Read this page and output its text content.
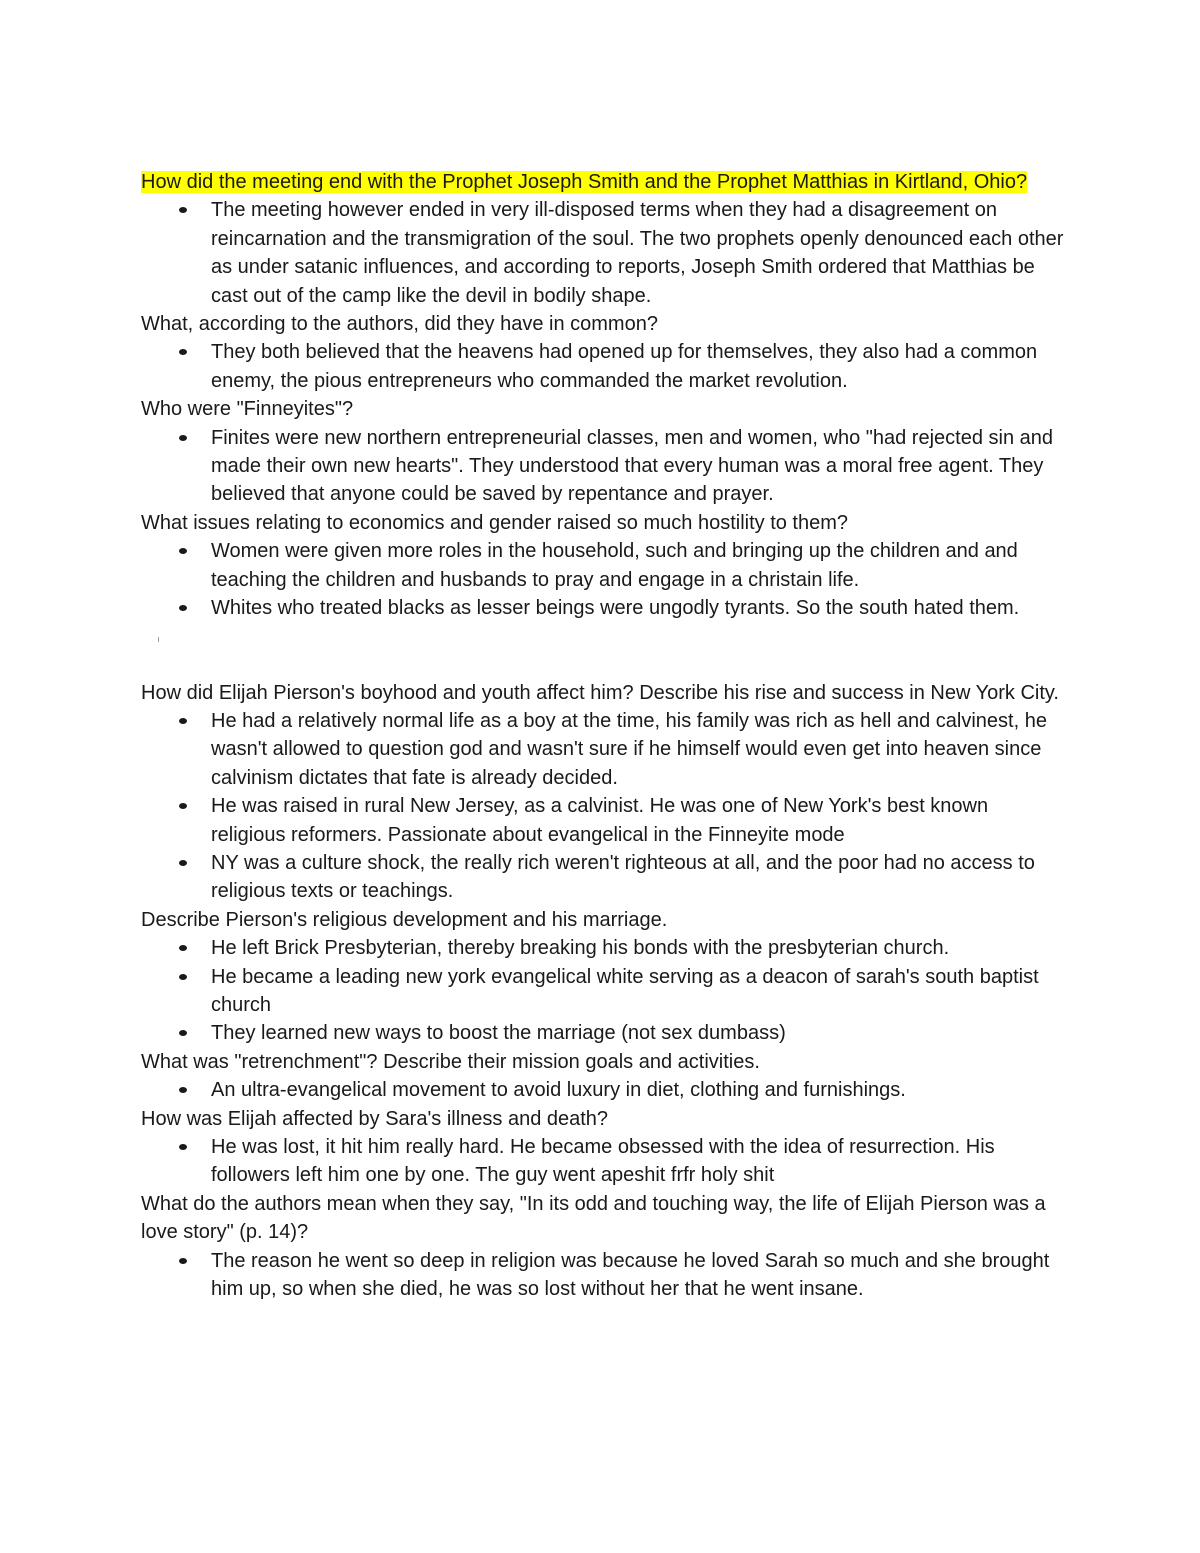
How did the meeting end with the Prophet Joseph Smith and the Prophet Matthias in Kirtland, Ohio?

The meeting however ended in very ill-disposed terms when they had a disagreement on reincarnation and the transmigration of the soul. The two prophets openly denounced each other as under satanic influences, and according to reports, Joseph Smith ordered that Matthias be cast out of the camp like the devil in bodily shape.

What, according to the authors, did they have in common?

They both believed that the heavens had opened up for themselves, they also had a common enemy, the pious entrepreneurs who commanded the market revolution.

Who were "Finneyites"?

Finites were new northern entrepreneurial classes, men and women, who "had rejected sin and made their own new hearts". They understood that every human was a moral free agent. They believed that anyone could be saved by repentance and prayer.

What issues relating to economics and gender raised so much hostility to them?

Women were given more roles in the household, such and bringing up the children and and teaching the children and husbands to pray and engage in a christain life.
Whites who treated blacks as lesser beings were ungodly tyrants. So the south hated them.

How did Elijah Pierson's boyhood and youth affect him? Describe his rise and success in New York City.

He had a relatively normal life as a boy at the time, his family was rich as hell and calvinest, he wasn't allowed to question god and wasn't sure if he himself would even get into heaven since calvinism dictates that fate is already decided.
He was raised in rural New Jersey, as a calvinist. He was one of New York's best known religious reformers. Passionate about evangelical in the Finneyite mode
NY was a culture shock, the really rich weren't righteous at all, and the poor had no access to religious texts or teachings.

Describe Pierson's religious development and his marriage.

He left Brick Presbyterian, thereby breaking his bonds with the presbyterian church.
He became a leading new york evangelical white serving as a deacon of sarah's south baptist church
They learned new ways to boost the marriage (not sex dumbass)

What was "retrenchment"? Describe their mission goals and activities.

An ultra-evangelical movement to avoid luxury in diet, clothing and furnishings.

How was Elijah affected by Sara's illness and death?

He was lost, it hit him really hard. He became obsessed with the idea of resurrection. His followers left him one by one. The guy went apeshit frfr holy shit

What do the authors mean when they say, "In its odd and touching way, the life of Elijah Pierson was a love story" (p. 14)?

The reason he went so deep in religion was because he loved Sarah so much and she brought him up, so when she died, he was so lost without her that he went insane.
